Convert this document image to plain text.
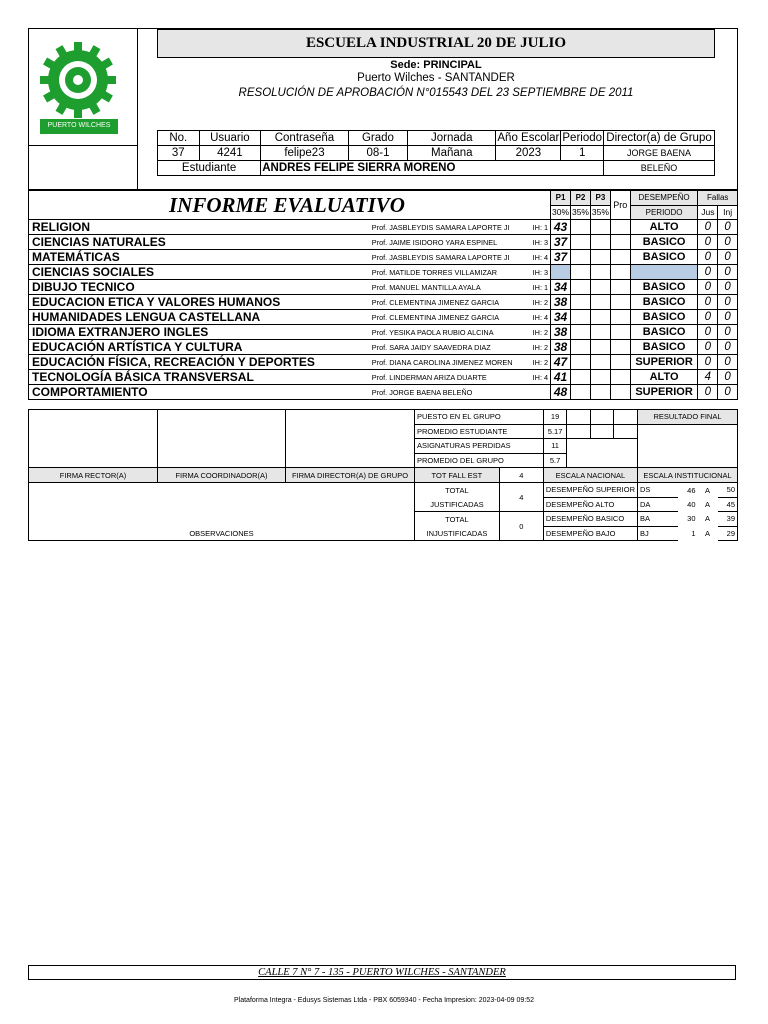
PUERTO WILCHES
ESCUELA INDUSTRIAL 20 DE JULIO
Sede: PRINCIPAL
Puerto Wilches - SANTANDER
RESOLUCIÓN DE APROBACIÓN N°015543 DEL 23 SEPTIEMBRE DE 2011
No.	Usuario	Contraseña	Grado	Jornada	Año Escolar	Periodo	Director(a) de Grupo
37	4241	felipe23	08-1	Mañana	2023	1	JORGE BAENA
Estudiante		ANDRES FELIPE SIERRA MORENO					BELEÑO
INFORME EVALUATIVO		P1	P2	P3	Pro	DESEMPEÑO	Fallas	
		30%	35%	35%		PERIODO	Jus	Inj
RELIGION	Prof. JASBLEYDIS SAMARA LAPORTE JI IH: 1	43				ALTO	0	0
CIENCIAS NATURALES	Prof. JAIME ISIDORO YARA ESPINEL IH: 3	37				BASICO	0	0
MATEMÁTICAS	Prof. JASBLEYDIS SAMARA LAPORTE JI IH: 4	37				BASICO	0	0
CIENCIAS SOCIALES	Prof. MATILDE TORRES VILLAMIZAR IH: 3						0	0
DIBUJO TECNICO	Prof. MANUEL MANTILLA AYALA IH: 1	34				BASICO	0	0
EDUCACION ETICA Y VALORES HUMANOS	Prof. CLEMENTINA JIMENEZ GARCIA IH: 2	38				BASICO	0	0
HUMANIDADES LENGUA CASTELLANA	Prof. CLEMENTINA JIMENEZ GARCIA IH: 4	34				BASICO	0	0
IDIOMA EXTRANJERO INGLES	Prof. YESIKA PAOLA RUBIO ALCINA IH: 2	38				BASICO	0	0
EDUCACIÓN ARTÍSTICA Y CULTURA	Prof. SARA JAIDY SAAVEDRA DIAZ IH: 2	38				BASICO	0	0
EDUCACIÓN FÍSICA, RECREACIÓN Y DEPORTES	Prof. DIANA CAROLINA JIMENEZ MOREN IH: 2	47				SUPERIOR	0	0
TECNOLOGÍA BÁSICA TRANSVERSAL	Prof. LINDERMAN ARIZA DUARTE IH: 4	41				ALTO	4	0
COMPORTAMIENTO	Prof. JORGE BAENA BELEÑO	48				SUPERIOR	0	0
			PUESTO EN EL GRUPO		19				RESULTADO FINAL			
			PROMEDIO ESTUDIANTE		5.17							
			ASIGNATURAS PERDIDAS		11							
			PROMEDIO DEL GRUPO		5.7							
FIRMA RECTOR(A)	FIRMA COORDINADOR(A)	FIRMA DIRECTOR(A) DE GRUPO	TOT FALL EST	4	ESCALA NACIONAL				ESCALA INSTITUCIONAL			
			TOTAL	4	DESEMPEÑO SUPERIOR				DS	46	A	50
			JUSTIFICADAS		DESEMPEÑO ALTO				DA	40	A	45
			TOTAL	0	DESEMPEÑO BASICO				BA	30	A	39
OBSERVACIONES			INJUSTIFICADAS		DESEMPEÑO BAJO				BJ	1	A	29
CALLE 7 N° 7 - 135 - PUERTO WILCHES - SANTANDER
Plataforma Integra - Edusys Sistemas Ltda - PBX 6059340 - Fecha Impresion: 2023-04-09 09:52
